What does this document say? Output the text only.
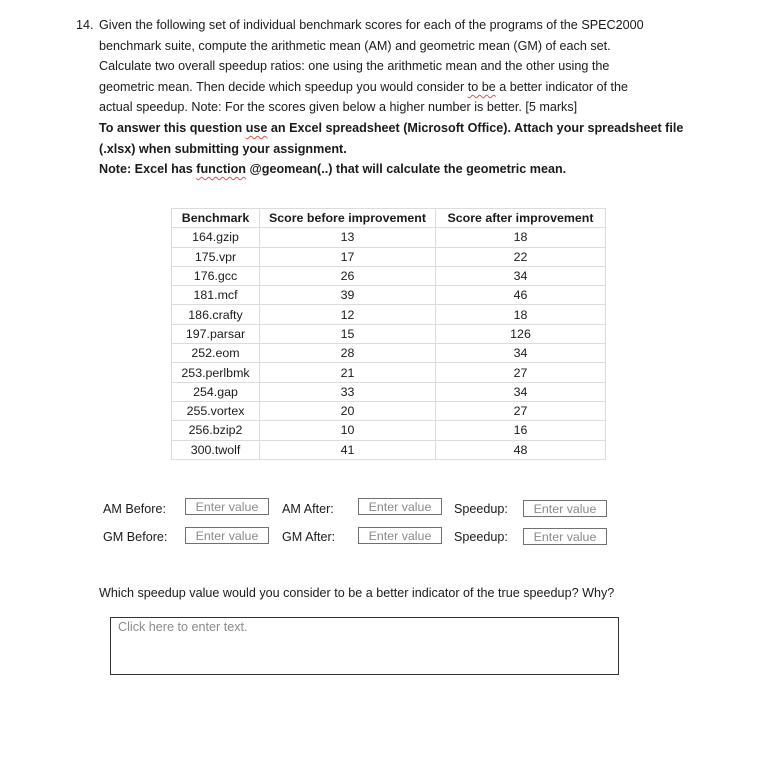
14. Given the following set of individual benchmark scores for each of the programs of the SPEC2000

benchmark suite, compute the arithmetic mean (AM) and geometric mean (GM) of each set.

Calculate two overall speedup ratios: one using the arithmetic mean and the other using the

geometric mean. Then decide which speedup you would consider to be a better indicator of the

actual speedup. Note: For the scores given below a higher number is better. [5 marks]

To answer this question use an Excel spreadsheet (Microsoft Office). Attach your spreadsheet file

(.xlsx) when submitting your assignment.

Note: Excel has function @geomean(..) that will calculate the geometric mean.

Benchmark	Score before improvement	Score after improvement
164.gzip	13	18
175.vpr	17	22
176.gcc	26	34
181.mcf	39	46
186.crafty	12	18
197.parsar	15	126
252.eom	28	34
253.perlbmk	21	27
254.gap	33	34
255.vortex	20	27
256.bzip2	10	16
300.twolf	41	48
AM Before:	Enter value	AM After:	Enter value	Speedup:	Enter value
GM Before:	Enter value	GM After:	Enter value	Speedup:	Enter value
Which speedup value would you consider to be a better indicator of the true speedup? Why?
Click here to enter text.
